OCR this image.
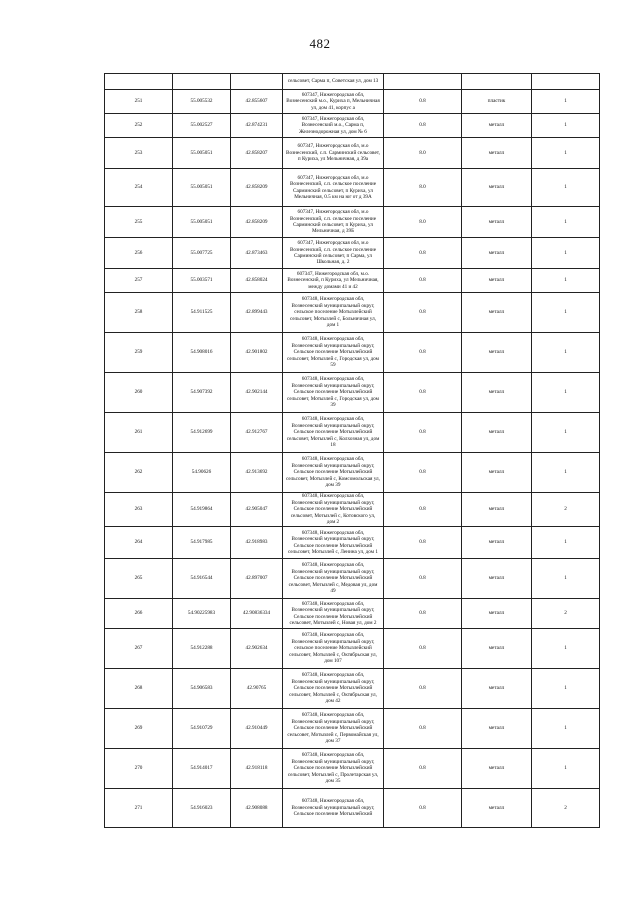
482
			сельсовет, Сарма п, Советская ул, дом 13			
251	55.005532	42.855607	607347, Нижегородская обл, Вознесенский м.о., Куриха п, Мельничная ул, дом 41, корпус а	0.8	пластик	1
252	55.002527	42.874231	607347, Нижегородская обл, Вознесенский м.о., Сарма п, Железнодорожная ул, дом № 6	0.8	металл	1
253	55.005051	42.858207	607347, Нижегородская обл, м.о Вознесенский, с.п. Сарминский сельсовет, п Куриха, ул Мельничная, д 39а	8.0	металл	1
254	55.005051	42.858209	607347, Нижегородская обл, м.о Вознесенский, с.п. сельское поселение Сарминский сельсовет, п Куриха, ул Мельничная, 0.5 км на юг от д 39А	8.0	металл	1
255	55.005051	42.858209	607347, Нижегородская обл, м.о Вознесенский, с.п. сельское поселение Сарминский сельсовет, п Куриха, ул Мельничная, д 39Б	8.0	металл	1
256	55.007725	42.873463	607347, Нижегородская обл, м.о Вознесенский, с.п. сельское поселение Сарминский сельсовет, п Сарма, ул Школьная, д. 2	0.8	металл	1
257	55.003571	42.858024	607347, Нижегородская обл, м.о. Вознесенский, п Куриха, ул Мельничная, между домами 41 и 42	0.8	металл	1
258	54.911525	42.899443	607348, Нижегородская обл, Вознесенский муниципальный округ, сельское поселение Мотызлейский сельсовет, Мотызлей с, Больничная ул, дом 1	0.8	металл	1
259	54.908016	42.901802	607348, Нижегородская обл, Вознесенский муниципальный округ, Сельское поселение Мотызлейский сельсовет, Мотызлей с, Городская ул, дом 59	0.8	металл	1
260	54.907392	42.902144	607348, Нижегородская обл, Вознесенский муниципальный округ, Сельское поселение Мотызлейский сельсовет, Мотызлей с, Городская ул, дом 39	0.8	металл	1
261	54.912699	42.912767	607348, Нижегородская обл, Вознесенский муниципальный округ, Сельское поселение Мотызлейский сельсовет, Мотызлей с, Колхозная ул, дом 18	0.8	металл	1
262	54.90626	42.913692	607348, Нижегородская обл, Вознесенский муниципальный округ, Сельское поселение Мотызлейский сельсовет, Мотызлей с, Комсомольская ул, дом 39	0.8	металл	1
263	54.919864	42.905047	607348, Нижегородская обл, Вознесенский муниципальный округ, Сельское поселение Мотызлейский сельсовет, Мотызлей с, Котовского ул, дом 2	0.8	металл	2
264	54.917985	42.918983	607348, Нижегородская обл, Вознесенский муниципальный округ, Сельское поселение Мотызлейский сельсовет, Мотызлей с, Ленина ул, дом 1	0.8	металл	1
265	54.916544	42.897007	607348, Нижегородская обл, Вознесенский муниципальный округ, Сельское поселение Мотызлейский сельсовет, Мотызлей с, Медовая ул, дом 49	0.8	металл	1
266	54.90225983	42.90836334	607348, Нижегородская обл, Вознесенский муниципальный округ, Сельское поселение Мотызлейский сельсовет, Мотызлей с, Новая ул, дом 2	0.8	металл	2
267	54.912288	42.902634	607348, Нижегородская обл, Вознесенский муниципальный округ, сельское поселение Мотызлейский сельсовет, Мотызлей с, Октябрьская ул, дом 107	0.8	металл	1
268	54.906583	42.90765	607348, Нижегородская обл, Вознесенский муниципальный округ, Сельское поселение Мотызлейский сельсовет, Мотызлей с, Октябрьская ул, дом 42	0.8	металл	1
269	54.910729	42.910449	607348, Нижегородская обл, Вознесенский муниципальный округ, Сельское поселение Мотызлейский сельсовет, Мотызлей с, Первомайская ул, дом 37	0.8	металл	1
270	54.914017	42.918118	607348, Нижегородская обл, Вознесенский муниципальный округ, Сельское поселение Мотызлейский сельсовет, Мотызлей с, Пролетарская ул, дом 35	0.8	металл	1
271	54.916023	42.908088	607348, Нижегородская обл, Вознесенский муниципальный округ, Сельское поселение Мотызлейский	0.8	металл	2
